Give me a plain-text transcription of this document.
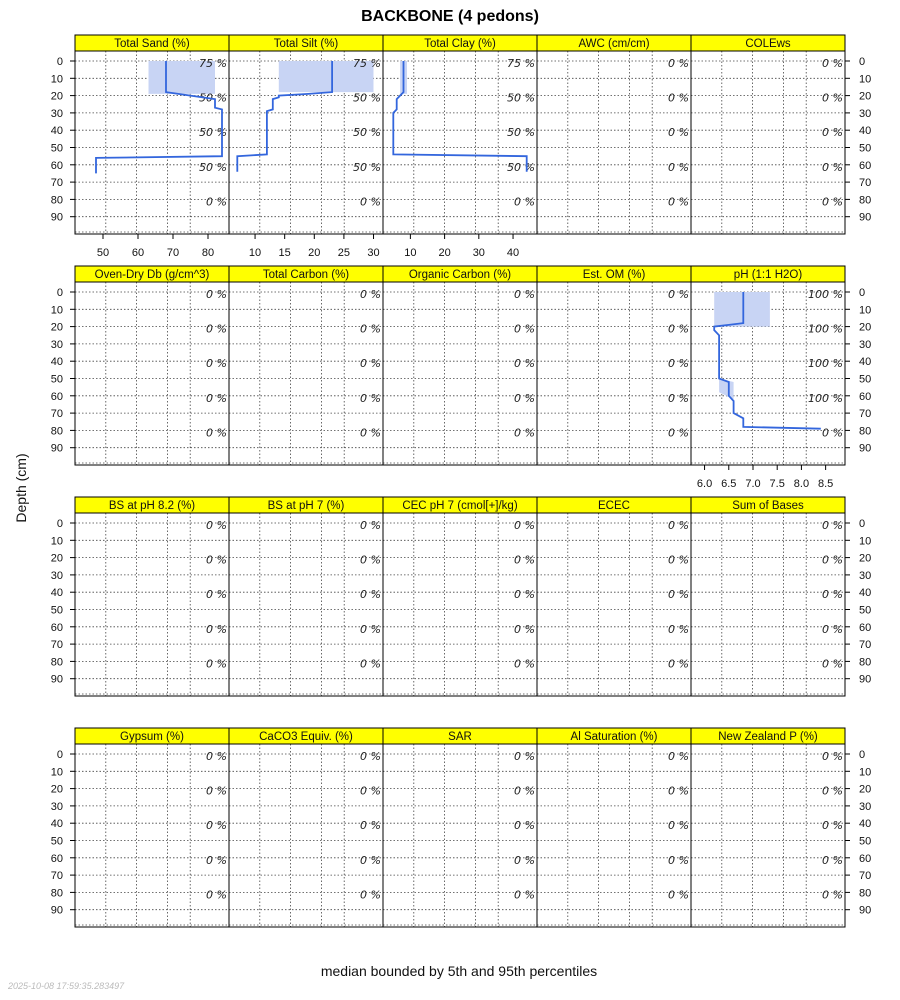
BACKBONE (4 pedons)
Depth (cm)
median bounded by 5th and 95th percentiles
2025-10-08 17:59:35.283497
Total Sand (%)
75 %
50 %
50 %
50 %
0 %
50 60 70 80
0
10
20
30
40
50
60
70
80
90
Total Silt (%)
75 %
50 %
50 %
50 %
0 %
10 15 20 25 30
Total Clay (%)
75 %
50 %
50 %
50 %
0 %
10 20 30 40
AWC (cm/cm)
0 %
0 %
0 %
0 %
0 %
COLEws
0 %
0 %
0 %
0 %
0 %
0
10
20
30
40
50
60
70
80
90
Oven-Dry Db (g/cm^3)
0 %
0 %
0 %
0 %
0 %
0
10
20
30
40
50
60
70
80
90
Total Carbon (%)
0 %
0 %
0 %
0 %
0 %
Organic Carbon (%)
0 %
0 %
0 %
0 %
0 %
Est. OM (%)
0 %
0 %
0 %
0 %
0 %
pH (1:1 H2O)
100 %
100 %
100 %
100 %
0 %
6.0 6.5 7.0 7.5 8.0 8.5
0
10
20
30
40
50
60
70
80
90
BS at pH 8.2 (%)
0 %
0 %
0 %
0 %
0 %
0
10
20
30
40
50
60
70
80
90
BS at pH 7 (%)
0 %
0 %
0 %
0 %
0 %
CEC pH 7 (cmol[+]/kg)
0 %
0 %
0 %
0 %
0 %
ECEC
0 %
0 %
0 %
0 %
0 %
Sum of Bases
0 %
0 %
0 %
0 %
0 %
0
10
20
30
40
50
60
70
80
90
Gypsum (%)
0 %
0 %
0 %
0 %
0 %
0
10
20
30
40
50
60
70
80
90
CaCO3 Equiv. (%)
0 %
0 %
0 %
0 %
0 %
SAR
0 %
0 %
0 %
0 %
0 %
Al Saturation (%)
0 %
0 %
0 %
0 %
0 %
New Zealand P (%)
0 %
0 %
0 %
0 %
0 %
0
10
20
30
40
50
60
70
80
90
